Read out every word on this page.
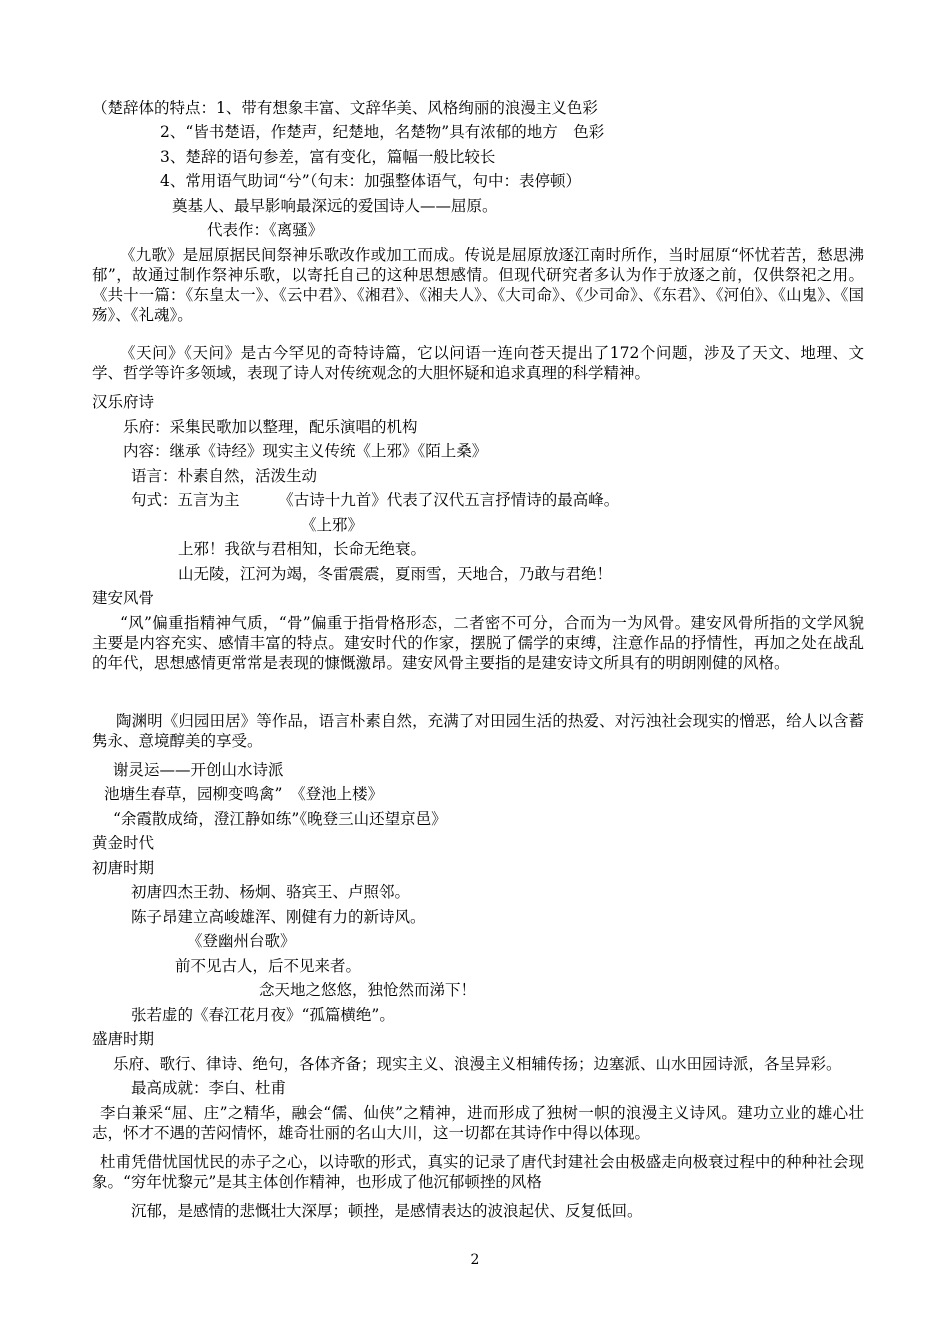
（楚辞体的特点：1、带有想象丰富、文辞华美、风格绚丽的浪漫主义色彩
2、“皆书楚语，作楚声，纪楚地，名楚物”具有浓郁的地方　色彩
3、楚辞的语句参差，富有变化，篇幅一般比较长
4、常用语气助词“兮”（句末：加强整体语气，句中：表停顿）
奠基人、最早影响最深远的爱国诗人——屈原。
代表作：《离骚》
《九歌》是屈原据民间祭神乐歌改作或加工而成。传说是屈原放逐江南时所作，当时屈原“怀忧若苦，愁思沸郁”，故通过制作祭神乐歌，以寄托自己的这种思想感情。但现代研究者多认为作于放逐之前，仅供祭祀之用。《共十一篇：《东皇太一》、《云中君》、《湘君》、《湘夫人》、《大司命》、《少司命》、《东君》、《河伯》、《山鬼》、《国殇》、《礼魂》。
《天问》《天问》是古今罕见的奇特诗篇，它以问语一连向苍天提出了172个问题，涉及了天文、地理、文学、哲学等许多领域，表现了诗人对传统观念的大胆怀疑和追求真理的科学精神。
汉乐府诗
乐府：采集民歌加以整理，配乐演唱的机构
内容：继承《诗经》现实主义传统《上邪》《陌上桑》
语言：朴素自然，活泼生动
句式：五言为主　　　《古诗十九首》代表了汉代五言抒情诗的最高峰。
《上邪》
上邪！我欲与君相知，长命无绝衰。
山无陵，江河为竭，冬雷震震，夏雨雪，天地合，乃敢与君绝！
建安风骨
“风”偏重指精神气质，“骨”偏重于指骨格形态，二者密不可分，合而为一为风骨。建安风骨所指的文学风貌主要是内容充实、感情丰富的特点。建安时代的作家，摆脱了儒学的束缚，注意作品的抒情性，再加之处在战乱的年代，思想感情更常常是表现的慷慨激昂。建安风骨主要指的是建安诗文所具有的明朗刚健的风格。
陶渊明《归园田居》等作品，语言朴素自然，充满了对田园生活的热爱、对污浊社会现实的憎恶，给人以含蓄隽永、意境醇美的享受。
谢灵运——开创山水诗派
池塘生春草，园柳变鸣禽”　《登池上楼》
“余霞散成绮，澄江静如练”《晚登三山还望京邑》
黄金时代
初唐时期
初唐四杰王勃、杨炯、骆宾王、卢照邻。
陈子昂建立高峻雄浑、刚健有力的新诗风。
《登幽州台歌》
前不见古人，后不见来者。
念天地之悠悠，独怆然而涕下！
张若虚的《春江花月夜》“孤篇横绝”。
盛唐时期
乐府、歌行、律诗、绝句，各体齐备；现实主义、浪漫主义相辅传扬；边塞派、山水田园诗派，各呈异彩。
最高成就：李白、杜甫
李白兼采“屈、庄”之精华，融会“儒、仙侠”之精神，进而形成了独树一帜的浪漫主义诗风。建功立业的雄心壮志，怀才不遇的苦闷情怀，雄奇壮丽的名山大川，这一切都在其诗作中得以体现。
杜甫凭借忧国忧民的赤子之心，以诗歌的形式，真实的记录了唐代封建社会由极盛走向极衰过程中的种种社会现象。“穷年忧黎元”是其主体创作精神，也形成了他沉郁顿挫的风格
沉郁，是感情的悲慨壮大深厚；顿挫，是感情表达的波浪起伏、反复低回。
2
